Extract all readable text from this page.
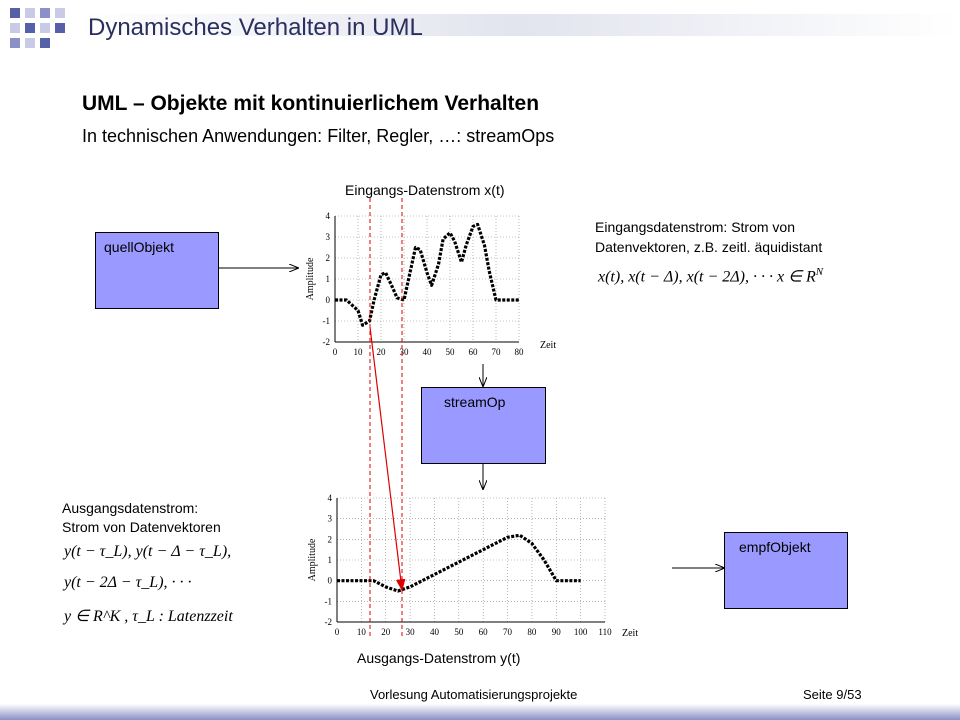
Dynamisches Verhalten in UML
UML – Objekte mit kontinuierlichem Verhalten
In technischen Anwendungen: Filter, Regler, …: streamOps
Eingangs-Datenstrom x(t)
Ausgangs-Datenstrom y(t)
Eingangsdatenstrom: Strom von
Datenvektoren, z.B. zeitl. äquidistant
x(t), x(t − Δ), x(t − 2Δ), · · · x ∈ $R^N$
Ausgangsdatenstrom:
Strom von Datenvektoren
y(t − τ_L), y(t − Δ − τ_L),
y(t − 2Δ − τ_L), · · ·
y ∈ R^K , τ_L : Latenzzeit
quellObjekt
streamOp
empfObjekt
0 10 20 30 40 50 60 70 80
4
3
2
1
0
-1
-2
Amplitude
Zeit
0 10 20 30 40 50 60 70 80 90 100 110
4
3
2
1
0
-1
-2
Amplitude
Zeit
Vorlesung Automatisierungsprojekte	Seite 9/53
